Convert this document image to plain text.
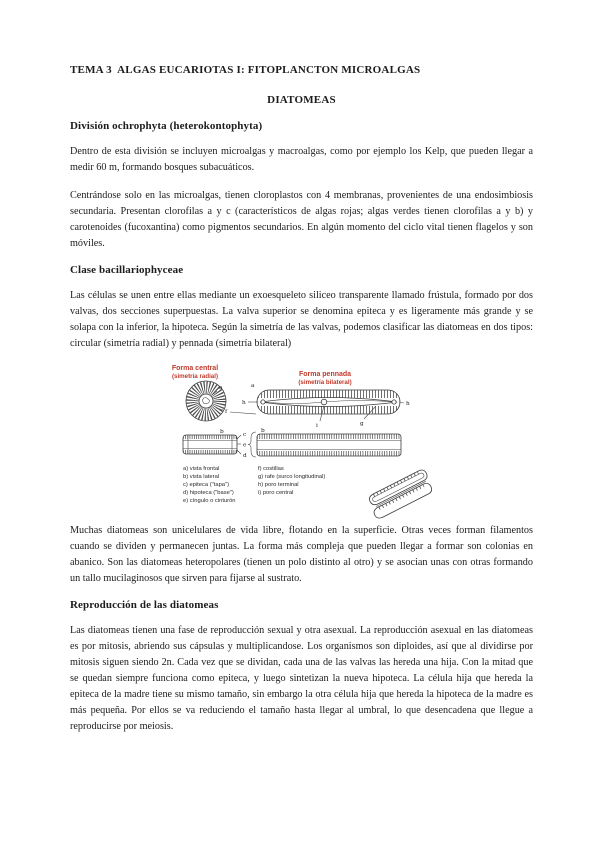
TEMA 3  ALGAS EUCARIOTAS I: FITOPLANCTON MICROALGAS
DIATOMEAS
División ochrophyta (heterokontophyta)

Dentro de esta división se incluyen microalgas y macroalgas, como por ejemplo los Kelp, que pueden llegar a medir 60 m, formando bosques subacuáticos.

Centrándose solo en las microalgas, tienen cloroplastos con 4 membranas, provenientes de una endosimbiosis secundaria. Presentan clorofilas a y c (característicos de algas rojas; algas verdes tienen clorofilas a y b) y carotenoides (fucoxantina) como pigmentos secundarios. En algún momento del ciclo vital tienen flagelos y son móviles.

Clase bacillariophyceae

Las células se unen entre ellas mediante un exoesqueleto siliceo transparente llamado frústula, formado por dos valvas, dos secciones superpuestas. La valva superior se denomina epiteca y es ligeramente más grande y se solapa con la inferior, la hipoteca. Según la simetría de las valvas, podemos clasificar las diatomeas en dos tipos: circular (simetría radial) y pennada (simetría bilateral)

Forma central
(simetría radial)	Forma pennada
(simetría bilateral)
a
f
a
h	h
i	g
b	c
e
d
b
a) vista frontal
b) vista lateral
c) epiteca ("tapa")
d) hipoteca ("base")
e) cíngulo o cinturón
f) costillas
g) rafe (surco longitudinal)
h) poro terminal
i) poro central

Muchas diatomeas son unicelulares de vida libre, flotando en la superficie. Otras veces forman filamentos cuando se dividen y permanecen juntas. La forma más compleja que pueden llegar a formar son colonias en abanico. Son las diatomeas heteropolares (tienen un polo distinto al otro) y se asocian unas con otras formando un tallo mucilaginosos que sirven para fijarse al sustrato.

Reproducción de las diatomeas

Las diatomeas tienen una fase de reproducción sexual y otra asexual. La reproducción asexual en las diatomeas es por mitosis, abriendo sus cápsulas y multiplicandose. Los organismos son diploides, así que al dividirse por mitosis siguen siendo 2n. Cada vez que se dividan, cada una de las valvas las hereda una hija. Con la mitad que se quedan siempre funciona como epiteca, y luego sintetizan la nueva hipoteca. La célula hija que hereda la epiteca de la madre tiene su mismo tamaño, sin embargo la otra célula hija que hereda la hipoteca de la madre es más pequeña. Por ellos se va reduciendo el tamaño hasta llegar al umbral, lo que desencadena que llegue a reproducirse por meiosis.
